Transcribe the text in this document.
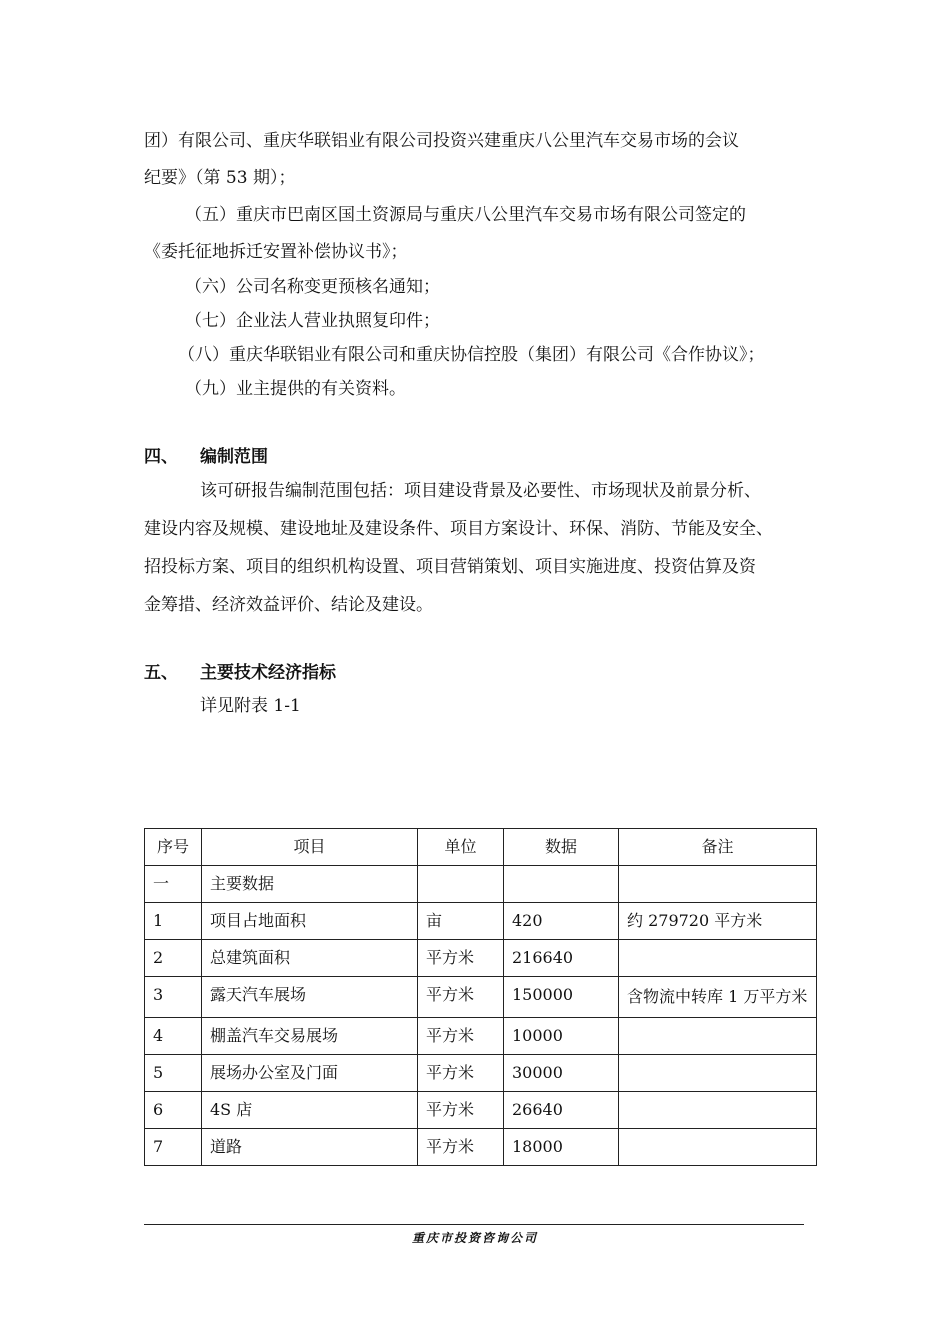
团）有限公司、重庆华联铝业有限公司投资兴建重庆八公里汽车交易市场的会议
纪要》（第 53 期）；
（五）重庆市巴南区国土资源局与重庆八公里汽车交易市场有限公司签定的
《委托征地拆迁安置补偿协议书》；
（六）公司名称变更预核名通知；
（七）企业法人营业执照复印件；
（八）重庆华联铝业有限公司和重庆协信控股（集团）有限公司《合作协议》；
（九）业主提供的有关资料。
四、 编制范围
该可研报告编制范围包括：项目建设背景及必要性、市场现状及前景分析、
建设内容及规模、建设地址及建设条件、项目方案设计、环保、消防、节能及安全、
招投标方案、项目的组织机构设置、项目营销策划、项目实施进度、投资估算及资
金筹措、经济效益评价、结论及建设。
五、 主要技术经济指标
详见附表 1-1
序号	项目	单位	数据	备注
一	主要数据			
1	项目占地面积	亩	420	约 279720 平方米
2	总建筑面积	平方米	216640	
3	露天汽车展场	平方米	150000	含物流中转库 1 万平方米
4	棚盖汽车交易展场	平方米	10000	
5	展场办公室及门面	平方米	30000	
6	4S 店	平方米	26640	
7	道路	平方米	18000	
重庆市投资咨询公司
